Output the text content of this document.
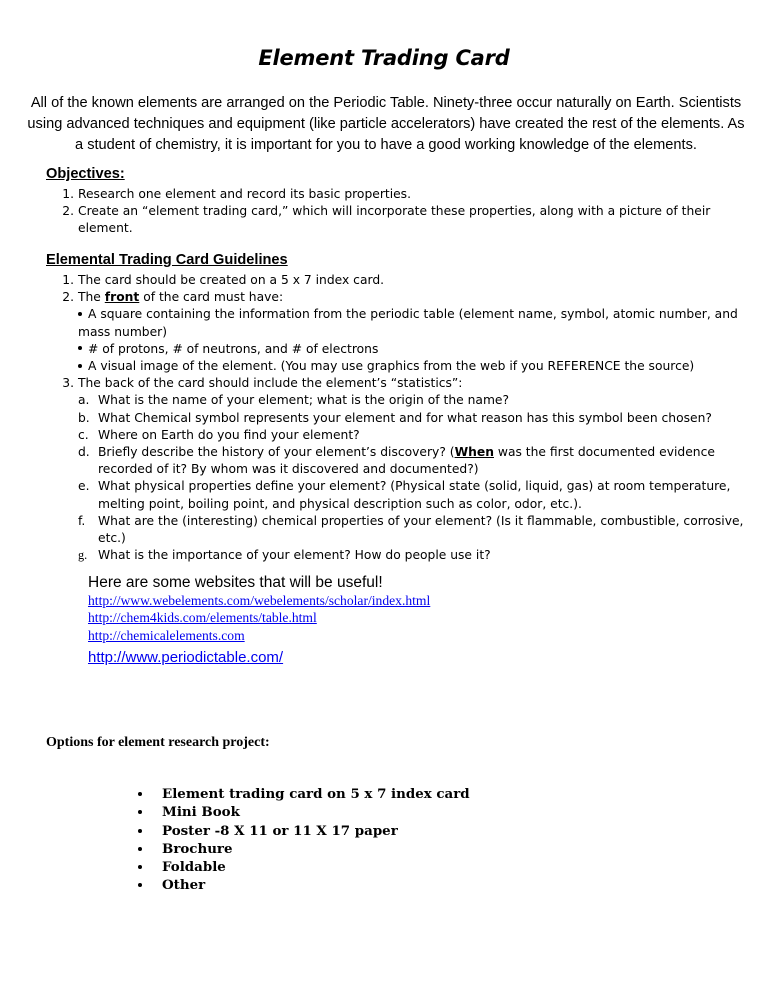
Element Trading Card
All of the known elements are arranged on the Periodic Table. Ninety-three occur naturally on Earth. Scientists using advanced techniques and equipment (like particle accelerators) have created the rest of the elements. As a student of chemistry, it is important for you to have a good working knowledge of the elements.
Objectives:
1. Research one element and record its basic properties.
2. Create an “element trading card,” which will incorporate these properties, along with a picture of their element.
Elemental Trading Card Guidelines
1. The card should be created on a 5 x 7 index card.
2. The front of the card must have:
A square containing the information from the periodic table (element name, symbol, atomic number, and mass number)
# of protons, # of neutrons, and # of electrons
A visual image of the element. (You may use graphics from the web if you REFERENCE the source)
3. The back of the card should include the element’s “statistics”:
a. What is the name of your element; what is the origin of the name?
b. What Chemical symbol represents your element and for what reason has this symbol been chosen?
c. Where on Earth do you find your element?
d. Briefly describe the history of your element’s discovery? (When was the first documented evidence recorded of it? By whom was it discovered and documented?)
e. What physical properties define your element? (Physical state (solid, liquid, gas) at room temperature, melting point, boiling point, and physical description such as color, odor, etc.).
f.	What are the (interesting) chemical properties of your element? (Is it flammable, combustible, corrosive, etc.)
g. What is the importance of your element? How do people use it?
Here are some websites that will be useful!
http://www.webelements.com/webelements/scholar/index.html
http://chem4kids.com/elements/table.html
http://chemicalelements.com
http://www.periodictable.com/
Options for element research project:
Element trading card on 5 x 7 index card
Mini Book
Poster -8 X 11 or 11 X 17 paper
Brochure
Foldable
Other
